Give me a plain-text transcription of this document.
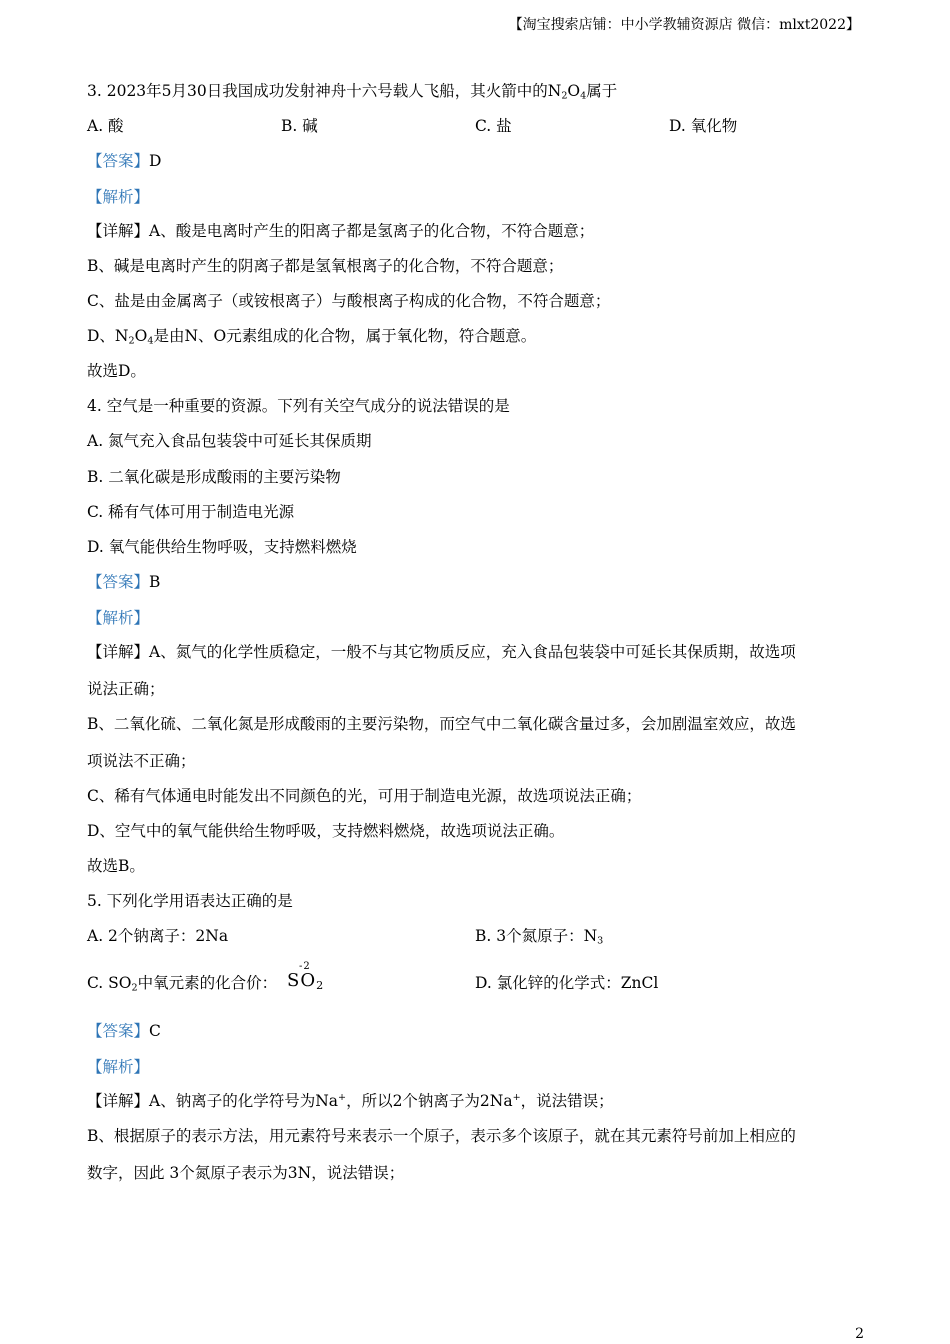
【淘宝搜索店铺：中小学教辅资源店 微信：mlxt2022】
3. 2023年5月30日我国成功发射神舟十六号载人飞船，其火箭中的$N_2O_4$属于
A. 酸	B. 碱	C. 盐	D. 氧化物
【答案】D
【解析】
【详解】A、酸是电离时产生的阳离子都是氢离子的化合物，不符合题意；
B、碱是电离时产生的阴离子都是氢氧根离子的化合物，不符合题意；
C、盐是由金属离子（或铵根离子）与酸根离子构成的化合物，不符合题意；
D、$N_2O_4$是由N、O元素组成的化合物，属于氧化物，符合题意。
故选D。
4. 空气是一种重要的资源。下列有关空气成分的说法错误的是
A. 氮气充入食品包装袋中可延长其保质期
B. 二氧化碳是形成酸雨的主要污染物
C. 稀有气体可用于制造电光源
D. 氧气能供给生物呼吸，支持燃料燃烧
【答案】B
【解析】
【详解】A、氮气的化学性质稳定，一般不与其它物质反应，充入食品包装袋中可延长其保质期，故选项
说法正确；
B、二氧化硫、二氧化氮是形成酸雨的主要污染物，而空气中二氧化碳含量过多，会加剧温室效应，故选
项说法不正确；
C、稀有气体通电时能发出不同颜色的光，可用于制造电光源，故选项说法正确；
D、空气中的氧气能供给生物呼吸，支持燃料燃烧，故选项说法正确。
故选B。
5. 下列化学用语表达正确的是
A. 2个钠离子：2Na	B. 3个氮原子：$N_3$
C. $SO_2$中氧元素的化合价：
-2
$SO_2$	D. 氯化锌的化学式：ZnCl
【答案】C
【解析】
【详解】A、钠离子的化学符号为Na+，所以2个钠离子为2Na+，说法错误；
B、根据原子的表示方法，用元素符号来表示一个原子，表示多个该原子，就在其元素符号前加上相应的
数字，因此 3个氮原子表示为3N，说法错误；
2
